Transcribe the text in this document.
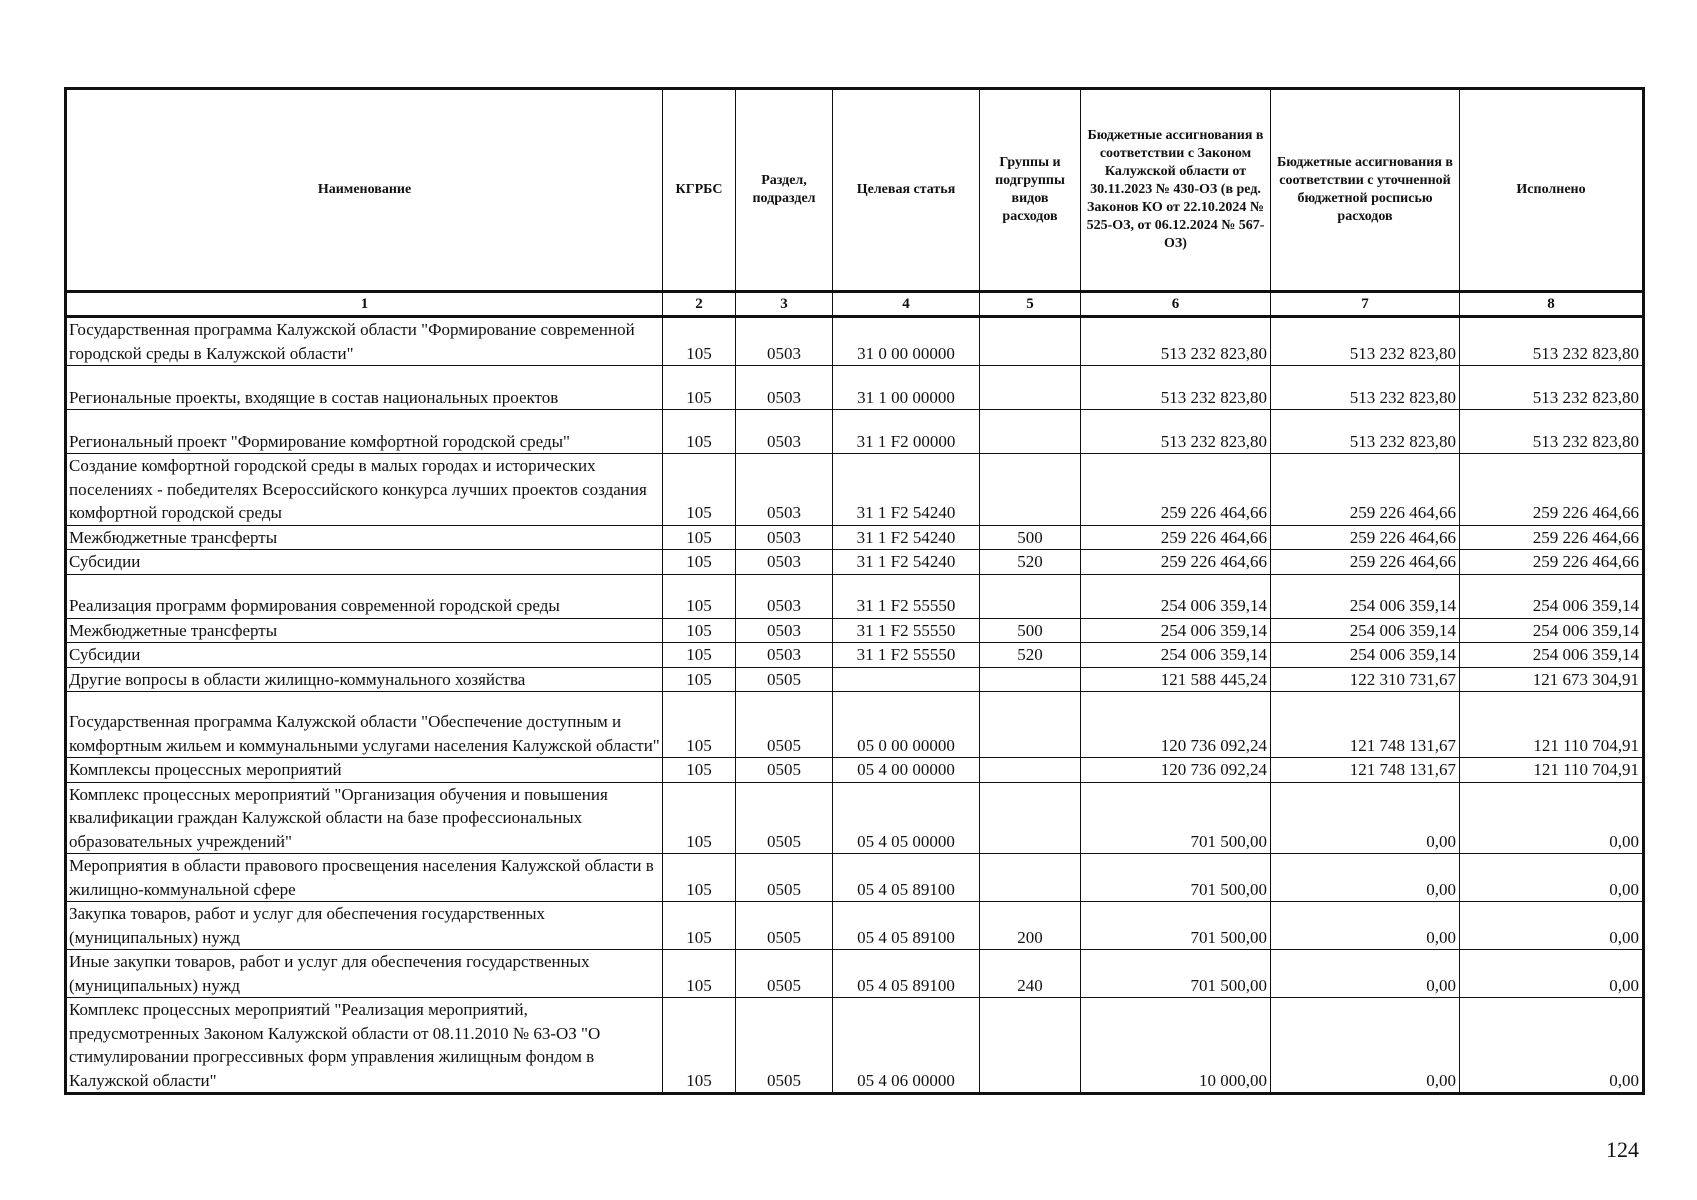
Наименование	КГРБС	Раздел, подраздел	Целевая статья	Группы и подгруппы видов расходов	Бюджетные ассигнования в соответствии с Законом Калужской области от 30.11.2023 № 430-ОЗ (в ред. Законов КО от 22.10.2024 № 525-ОЗ, от 06.12.2024 № 567-ОЗ)	Бюджетные ассигнования в соответствии с уточненной бюджетной росписью расходов	Исполнено
1	2	3	4	5	6	7	8
Государственная программа Калужской области "Формирование современной городской среды в Калужской области"	105	0503	31 0 00 00000		513 232 823,80	513 232 823,80	513 232 823,80
Региональные проекты, входящие в состав национальных проектов	105	0503	31 1 00 00000		513 232 823,80	513 232 823,80	513 232 823,80
Региональный проект "Формирование комфортной городской среды"	105	0503	31 1 F2 00000		513 232 823,80	513 232 823,80	513 232 823,80
Создание комфортной городской среды в малых городах и исторических поселениях - победителях Всероссийского конкурса лучших проектов создания комфортной городской среды	105	0503	31 1 F2 54240		259 226 464,66	259 226 464,66	259 226 464,66
Межбюджетные трансферты	105	0503	31 1 F2 54240	500	259 226 464,66	259 226 464,66	259 226 464,66
Субсидии	105	0503	31 1 F2 54240	520	259 226 464,66	259 226 464,66	259 226 464,66
Реализация программ формирования современной городской среды	105	0503	31 1 F2 55550		254 006 359,14	254 006 359,14	254 006 359,14
Межбюджетные трансферты	105	0503	31 1 F2 55550	500	254 006 359,14	254 006 359,14	254 006 359,14
Субсидии	105	0503	31 1 F2 55550	520	254 006 359,14	254 006 359,14	254 006 359,14
Другие вопросы в области жилищно-коммунального хозяйства	105	0505			121 588 445,24	122 310 731,67	121 673 304,91
Государственная программа Калужской области "Обеспечение доступным и комфортным жильем и коммунальными услугами населения Калужской области"	105	0505	05 0 00 00000		120 736 092,24	121 748 131,67	121 110 704,91
Комплексы процессных мероприятий	105	0505	05 4 00 00000		120 736 092,24	121 748 131,67	121 110 704,91
Комплекс процессных мероприятий "Организация обучения и повышения квалификации граждан Калужской области на базе профессиональных образовательных учреждений"	105	0505	05 4 05 00000		701 500,00	0,00	0,00
Мероприятия в области правового просвещения населения Калужской области в жилищно-коммунальной сфере	105	0505	05 4 05 89100		701 500,00	0,00	0,00
Закупка товаров, работ и услуг для обеспечения государственных (муниципальных) нужд	105	0505	05 4 05 89100	200	701 500,00	0,00	0,00
Иные закупки товаров, работ и услуг для обеспечения государственных (муниципальных) нужд	105	0505	05 4 05 89100	240	701 500,00	0,00	0,00
Комплекс процессных мероприятий "Реализация мероприятий, предусмотренных Законом Калужской области от 08.11.2010 № 63-ОЗ "О стимулировании прогрессивных форм управления жилищным фондом в Калужской области"	105	0505	05 4 06 00000		10 000,00	0,00	0,00
124
